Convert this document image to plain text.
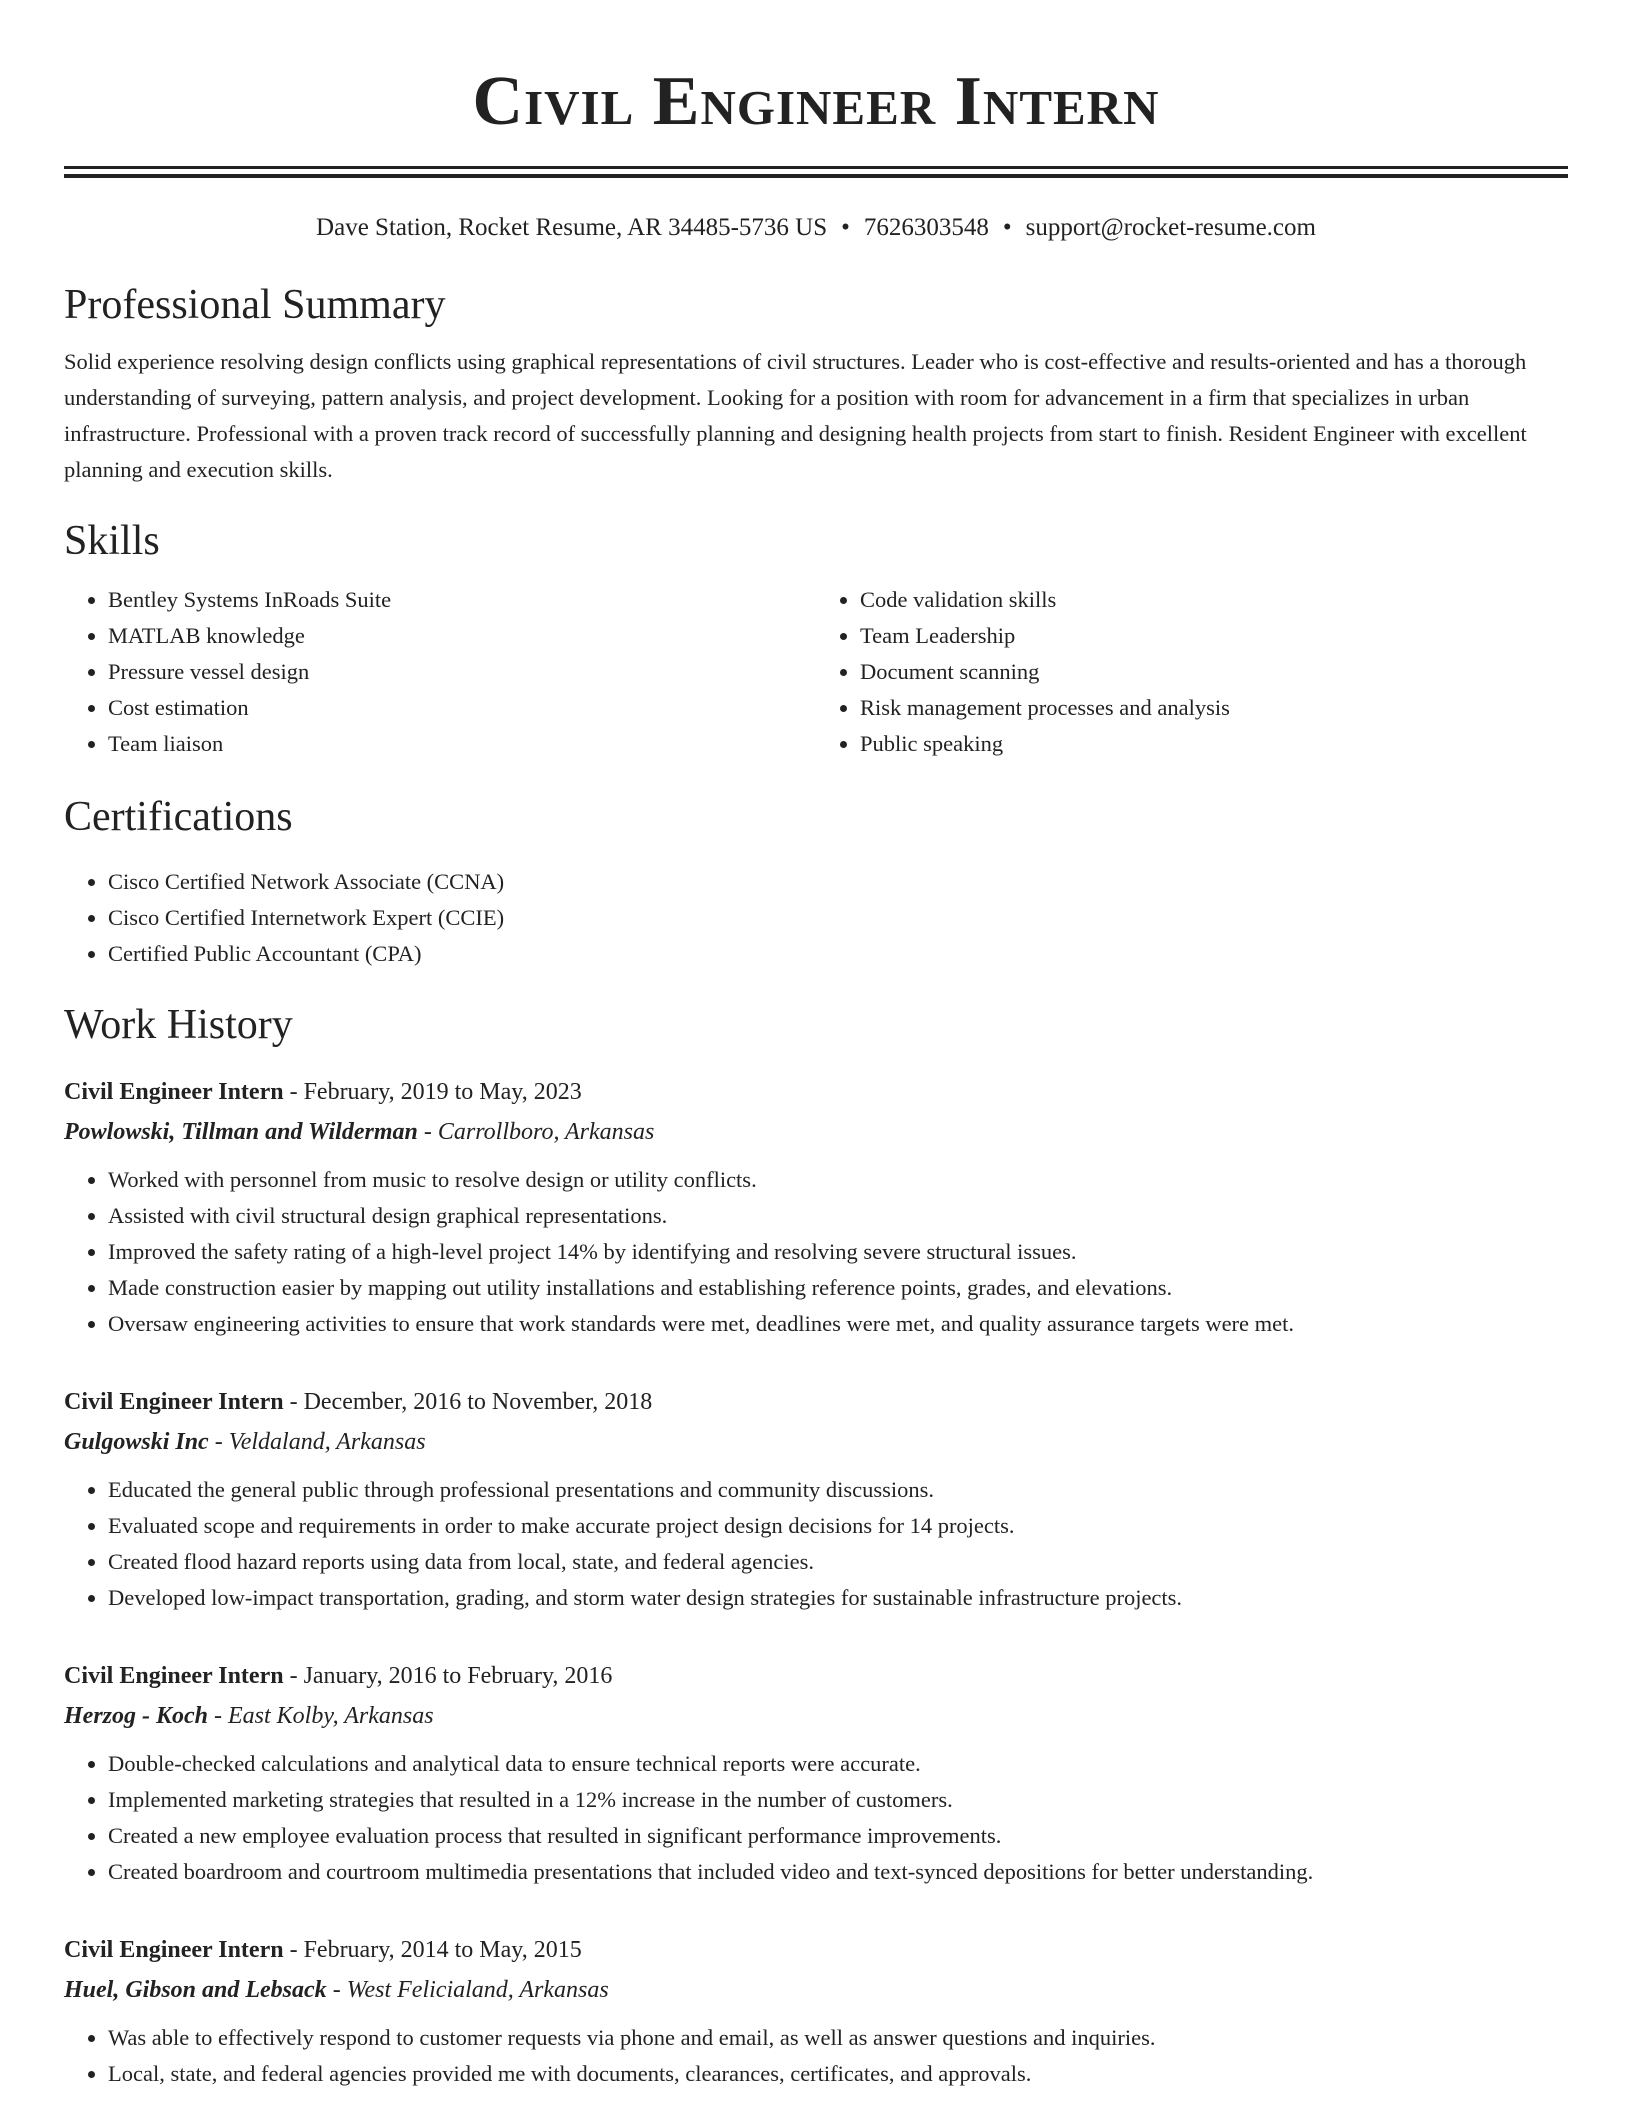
Civil Engineer Intern
Dave Station, Rocket Resume, AR 34485-5736 US • 7626303548 • support@rocket-resume.com
Professional Summary
Solid experience resolving design conflicts using graphical representations of civil structures. Leader who is cost-effective and results-oriented and has a thorough understanding of surveying, pattern analysis, and project development. Looking for a position with room for advancement in a firm that specializes in urban infrastructure. Professional with a proven track record of successfully planning and designing health projects from start to finish. Resident Engineer with excellent planning and execution skills.
Skills
• Bentley Systems InRoads Suite
• MATLAB knowledge
• Pressure vessel design
• Cost estimation
• Team liaison
• Code validation skills
• Team Leadership
• Document scanning
• Risk management processes and analysis
• Public speaking
Certifications
• Cisco Certified Network Associate (CCNA)
• Cisco Certified Internetwork Expert (CCIE)
• Certified Public Accountant (CPA)
Work History
Civil Engineer Intern - February, 2019 to May, 2023
Powlowski, Tillman and Wilderman - Carrollboro, Arkansas
• Worked with personnel from music to resolve design or utility conflicts.
• Assisted with civil structural design graphical representations.
• Improved the safety rating of a high-level project 14% by identifying and resolving severe structural issues.
• Made construction easier by mapping out utility installations and establishing reference points, grades, and elevations.
• Oversaw engineering activities to ensure that work standards were met, deadlines were met, and quality assurance targets were met.
Civil Engineer Intern - December, 2016 to November, 2018
Gulgowski Inc - Veldaland, Arkansas
• Educated the general public through professional presentations and community discussions.
• Evaluated scope and requirements in order to make accurate project design decisions for 14 projects.
• Created flood hazard reports using data from local, state, and federal agencies.
• Developed low-impact transportation, grading, and storm water design strategies for sustainable infrastructure projects.
Civil Engineer Intern - January, 2016 to February, 2016
Herzog - Koch - East Kolby, Arkansas
• Double-checked calculations and analytical data to ensure technical reports were accurate.
• Implemented marketing strategies that resulted in a 12% increase in the number of customers.
• Created a new employee evaluation process that resulted in significant performance improvements.
• Created boardroom and courtroom multimedia presentations that included video and text-synced depositions for better understanding.
Civil Engineer Intern - February, 2014 to May, 2015
Huel, Gibson and Lebsack - West Felicialand, Arkansas
• Was able to effectively respond to customer requests via phone and email, as well as answer questions and inquiries.
• Local, state, and federal agencies provided me with documents, clearances, certificates, and approvals.
